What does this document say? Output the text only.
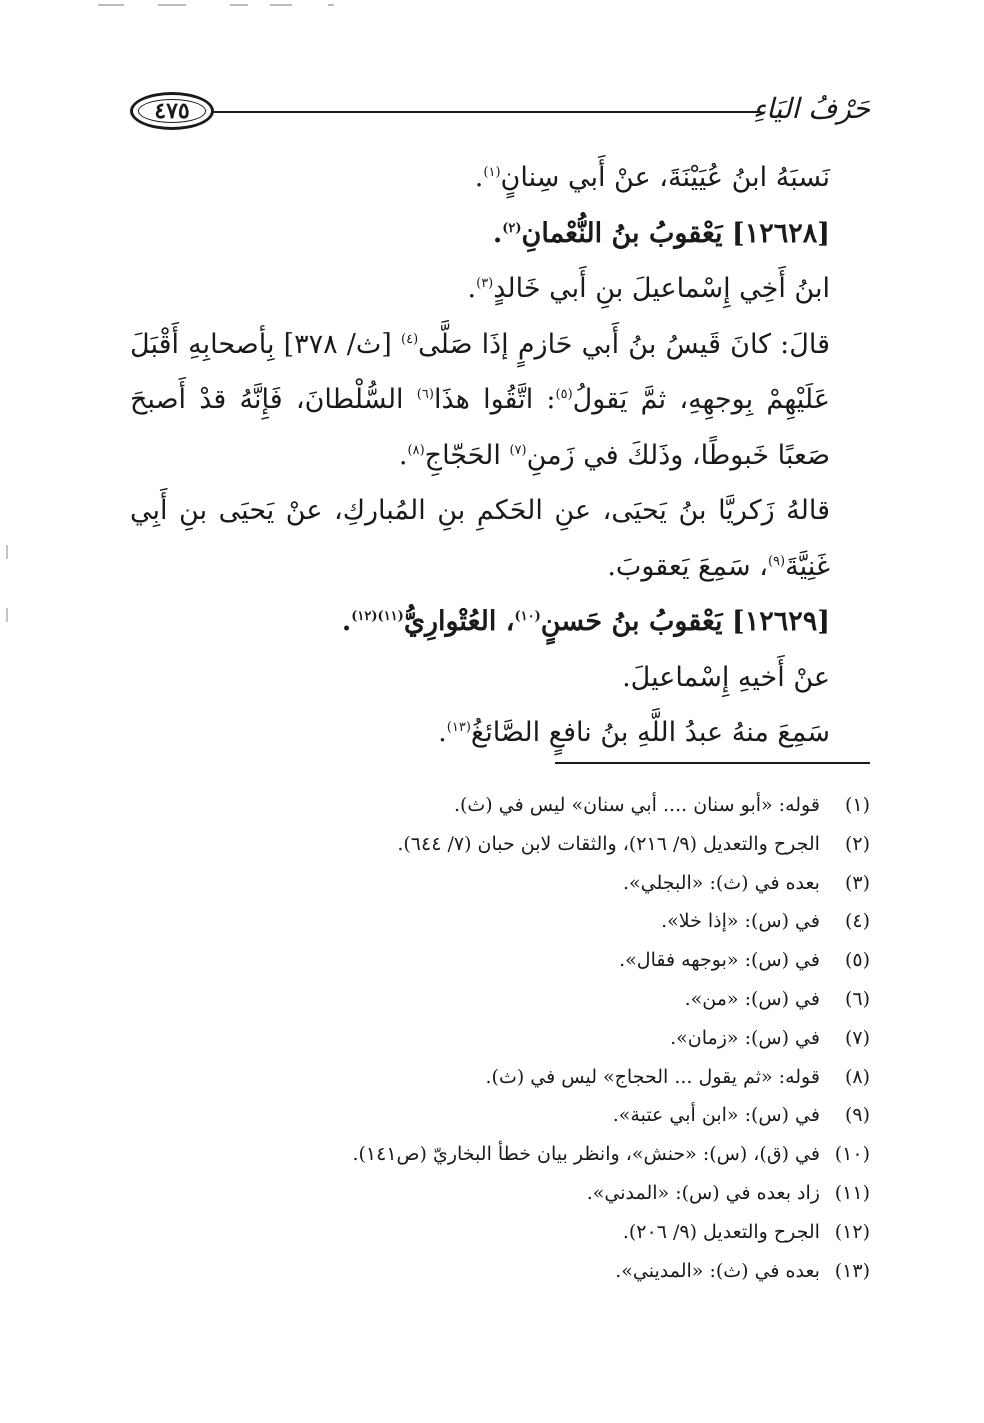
٤٧٥	حَرْفُ اليَاءِ

نَسبَهُ ابنُ عُيَيْنَةَ، عنْ أَبي سِنانٍ$^{(١)}$.

[١٢٦٢٨] يَعْقوبُ بنُ النُّعْمانِ$^{(٢)}$.

ابنُ أَخِي إِسْماعيلَ بنِ أَبي خَالدٍ$^{(٣)}$.

قالَ: كانَ قَيسُ بنُ أَبي حَازمٍ إذَا صَلَّى$^{(٤)}$ [ث/ ٣٧٨] بِأصحابِهِ أَقْبَلَ عَلَيْهِمْ بِوجهِهِ، ثمَّ يَقولُ$^{(٥)}$: اتَّقُوا هذَا$^{(٦)}$ السُّلْطانَ، فَإِنَّهُ قدْ أَصبحَ صَعبًا خَبوطًا، وذَلكَ في زَمنِ$^{(٧)}$ الحَجّاجِ$^{(٨)}$.

قالهُ زَكريَّا بنُ يَحيَى، عنِ الحَكمِ بنِ المُباركِ، عنْ يَحيَى بنِ أَبِي غَنِيَّةَ$^{(٩)}$، سَمِعَ يَعقوبَ.

[١٢٦٢٩] يَعْقوبُ بنُ حَسنٍ$^{(١٠)}$، العُتْوارِيُّ$^{(١١)(١٢)}$.

عنْ أَخيهِ إِسْماعيلَ.

سَمِعَ منهُ عبدُ اللَّهِ بنُ نافعٍ الصَّائغُ$^{(١٣)}$.

(١) قوله: «أبو سنان .... أبي سنان» ليس في (ث).

(٢) الجرح والتعديل (٩/ ٢١٦)، والثقات لابن حبان (٧/ ٦٤٤).

(٣) بعده في (ث): «البجلي».

(٤) في (س): «إذا خلا».

(٥) في (س): «بوجهه فقال».

(٦) في (س): «من».

(٧) في (س): «زمان».

(٨) قوله: «ثم يقول ... الحجاج» ليس في (ث).

(٩) في (س): «ابن أبي عتبة».

(١٠) في (ق)، (س): «حنش»، وانظر بيان خطأ البخاريّ (ص١٤١).

(١١) زاد بعده في (س): «المدني».

(١٢) الجرح والتعديل (٩/ ٢٠٦).

(١٣) بعده في (ث): «المديني».
